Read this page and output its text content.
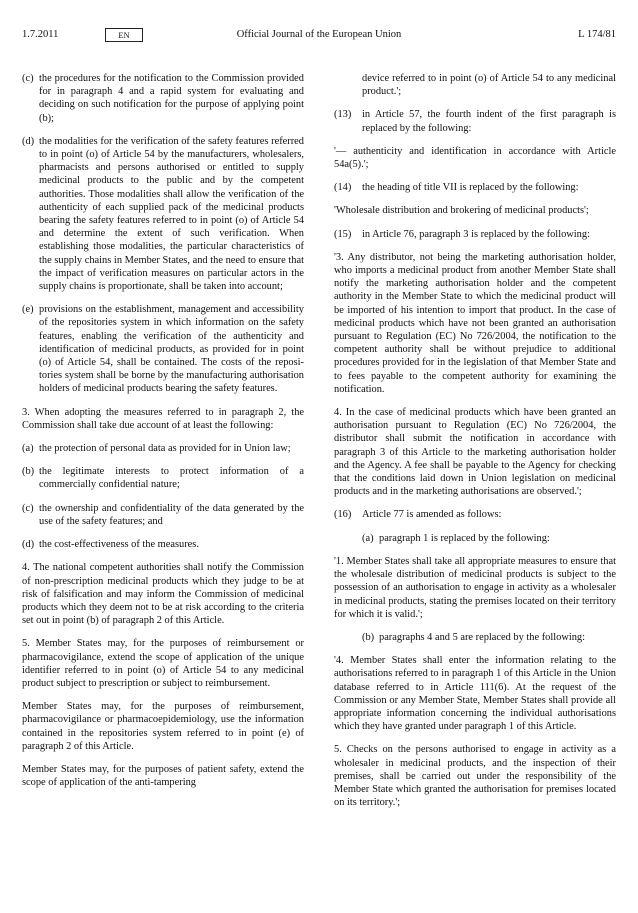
Official Journal of the European Union
1.7.2011	EN	L 174/81
(c) the procedures for the notification to the Commission provided for in paragraph 4 and a rapid system for evaluating and deciding on such notification for the purpose of applying point (b);
(d) the modalities for the verification of the safety features referred to in point (o) of Article 54 by the manufacturers, wholesalers, pharmacists and persons authorised or entitled to supply medicinal products to the public and by the competent authorities. Those modalities shall allow the verification of the authenticity of each supplied pack of the medicinal products bearing the safety features referred to in point (o) of Article 54 and determine the extent of such verification. When establishing those modalities, the particular characteristics of the supply chains in Member States, and the need to ensure that the impact of verification measures on particular actors in the supply chains is proportionate, shall be taken into account;
(e) provisions on the establishment, management and accessibility of the repositories system in which information on the safety features, enabling the verification of the authenticity and identification of medicinal products, as provided for in point (o) of Article 54, shall be contained. The costs of the repositories system shall be borne by the manufacturing authorisation holders of medicinal products bearing the safety features.

3. When adopting the measures referred to in paragraph 2, the Commission shall take due account of at least the following:

(a) the protection of personal data as provided for in Union law;
(b) the legitimate interests to protect information of a commercially confidential nature;
(c) the ownership and confidentiality of the data generated by the use of the safety features; and
(d) the cost-effectiveness of the measures.

4. The national competent authorities shall notify the Commission of non-prescription medicinal products which they judge to be at risk of falsification and may inform the Commission of medicinal products which they deem not to be at risk according to the criteria set out in point (b) of paragraph 2 of this Article.

5. Member States may, for the purposes of reimbursement or pharmacovigilance, extend the scope of application of the unique identifier referred to in point (o) of Article 54 to any medicinal product subject to prescription or subject to reimbursement.

Member States may, for the purposes of reimbursement, pharmacovigilance or pharmacoepidemiology, use the information contained in the repositories system referred to in point (e) of paragraph 2 of this Article.

Member States may, for the purposes of patient safety, extend the scope of application of the anti-tampering

device referred to in point (o) of Article 54 to any medicinal product.';

(13) in Article 57, the fourth indent of the first paragraph is replaced by the following:

'— authenticity and identification in accordance with Article 54a(5).';

(14) the heading of title VII is replaced by the following:

'Wholesale distribution and brokering of medicinal products';

(15) in Article 76, paragraph 3 is replaced by the following:

'3. Any distributor, not being the marketing authorisation holder, who imports a medicinal product from another Member State shall notify the marketing authorisation holder and the competent authority in the Member State to which the medicinal product will be imported of his intention to import that product. In the case of medicinal products which have not been granted an authorisation pursuant to Regulation (EC) No 726/2004, the notification to the competent authority shall be without prejudice to additional procedures provided for in the legislation of that Member State and to fees payable to the competent authority for examining the notification.

4. In the case of medicinal products which have been granted an authorisation pursuant to Regulation (EC) No 726/2004, the distributor shall submit the notification in accordance with paragraph 3 of this Article to the marketing authorisation holder and the Agency. A fee shall be payable to the Agency for checking that the conditions laid down in Union legislation on medicinal products and in the marketing authorisations are observed.';

(16) Article 77 is amended as follows:
(a) paragraph 1 is replaced by the following:

'1. Member States shall take all appropriate measures to ensure that the wholesale distribution of medicinal products is subject to the possession of an authorisation to engage in activity as a wholesaler in medicinal products, stating the premises located on their territory for which it is valid.';

(b) paragraphs 4 and 5 are replaced by the following:

'4. Member States shall enter the information relating to the authorisations referred to in paragraph 1 of this Article in the Union database referred to in Article 111(6). At the request of the Commission or any Member State, Member States shall provide all appropriate information concerning the individual authorisations which they have granted under paragraph 1 of this Article.

5. Checks on the persons authorised to engage in activity as a wholesaler in medicinal products, and the inspection of their premises, shall be carried out under the responsibility of the Member State which granted the authorisation for premises located on its territory.';
